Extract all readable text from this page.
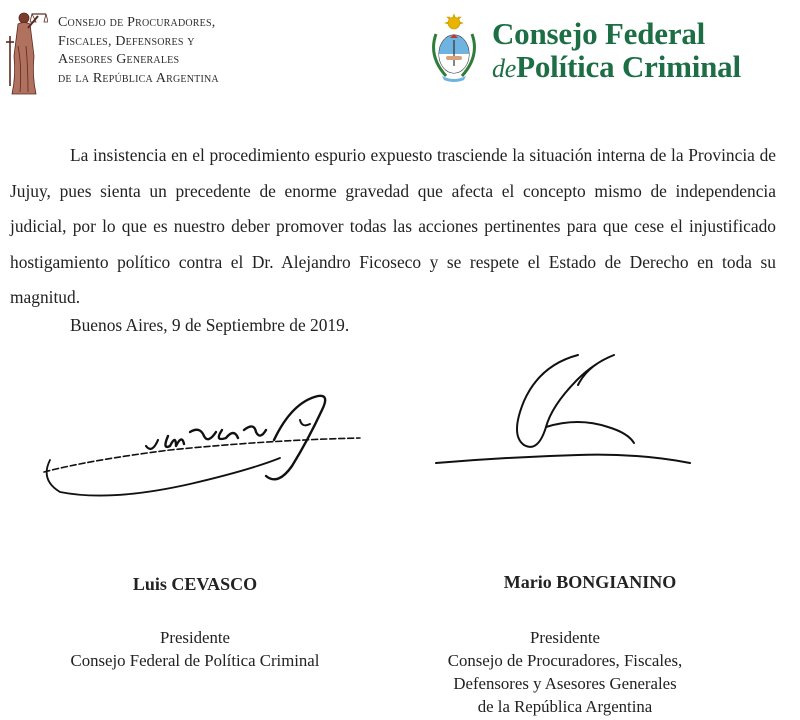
Consejo de Procuradores,
Fiscales, Defensores y
Asesores Generales
de la República Argentina
Consejo Federal
dePolítica Criminal

La insistencia en el procedimiento espurio expuesto trasciende la situación interna de la Provincia de Jujuy, pues sienta un precedente de enorme gravedad que afecta el concepto mismo de independencia judicial, por lo que es nuestro deber promover todas las acciones pertinentes para que cese el injustificado hostigamiento político contra el Dr. Alejandro Ficoseco y se respete el Estado de Derecho en toda su magnitud.

Buenos Aires, 9 de Septiembre de 2019.
Luis CEVASCO	Mario BONGIANINO
Presidente
Consejo Federal de Política Criminal
Presidente
Consejo de Procuradores, Fiscales,
Defensores y Asesores Generales
de la República Argentina
